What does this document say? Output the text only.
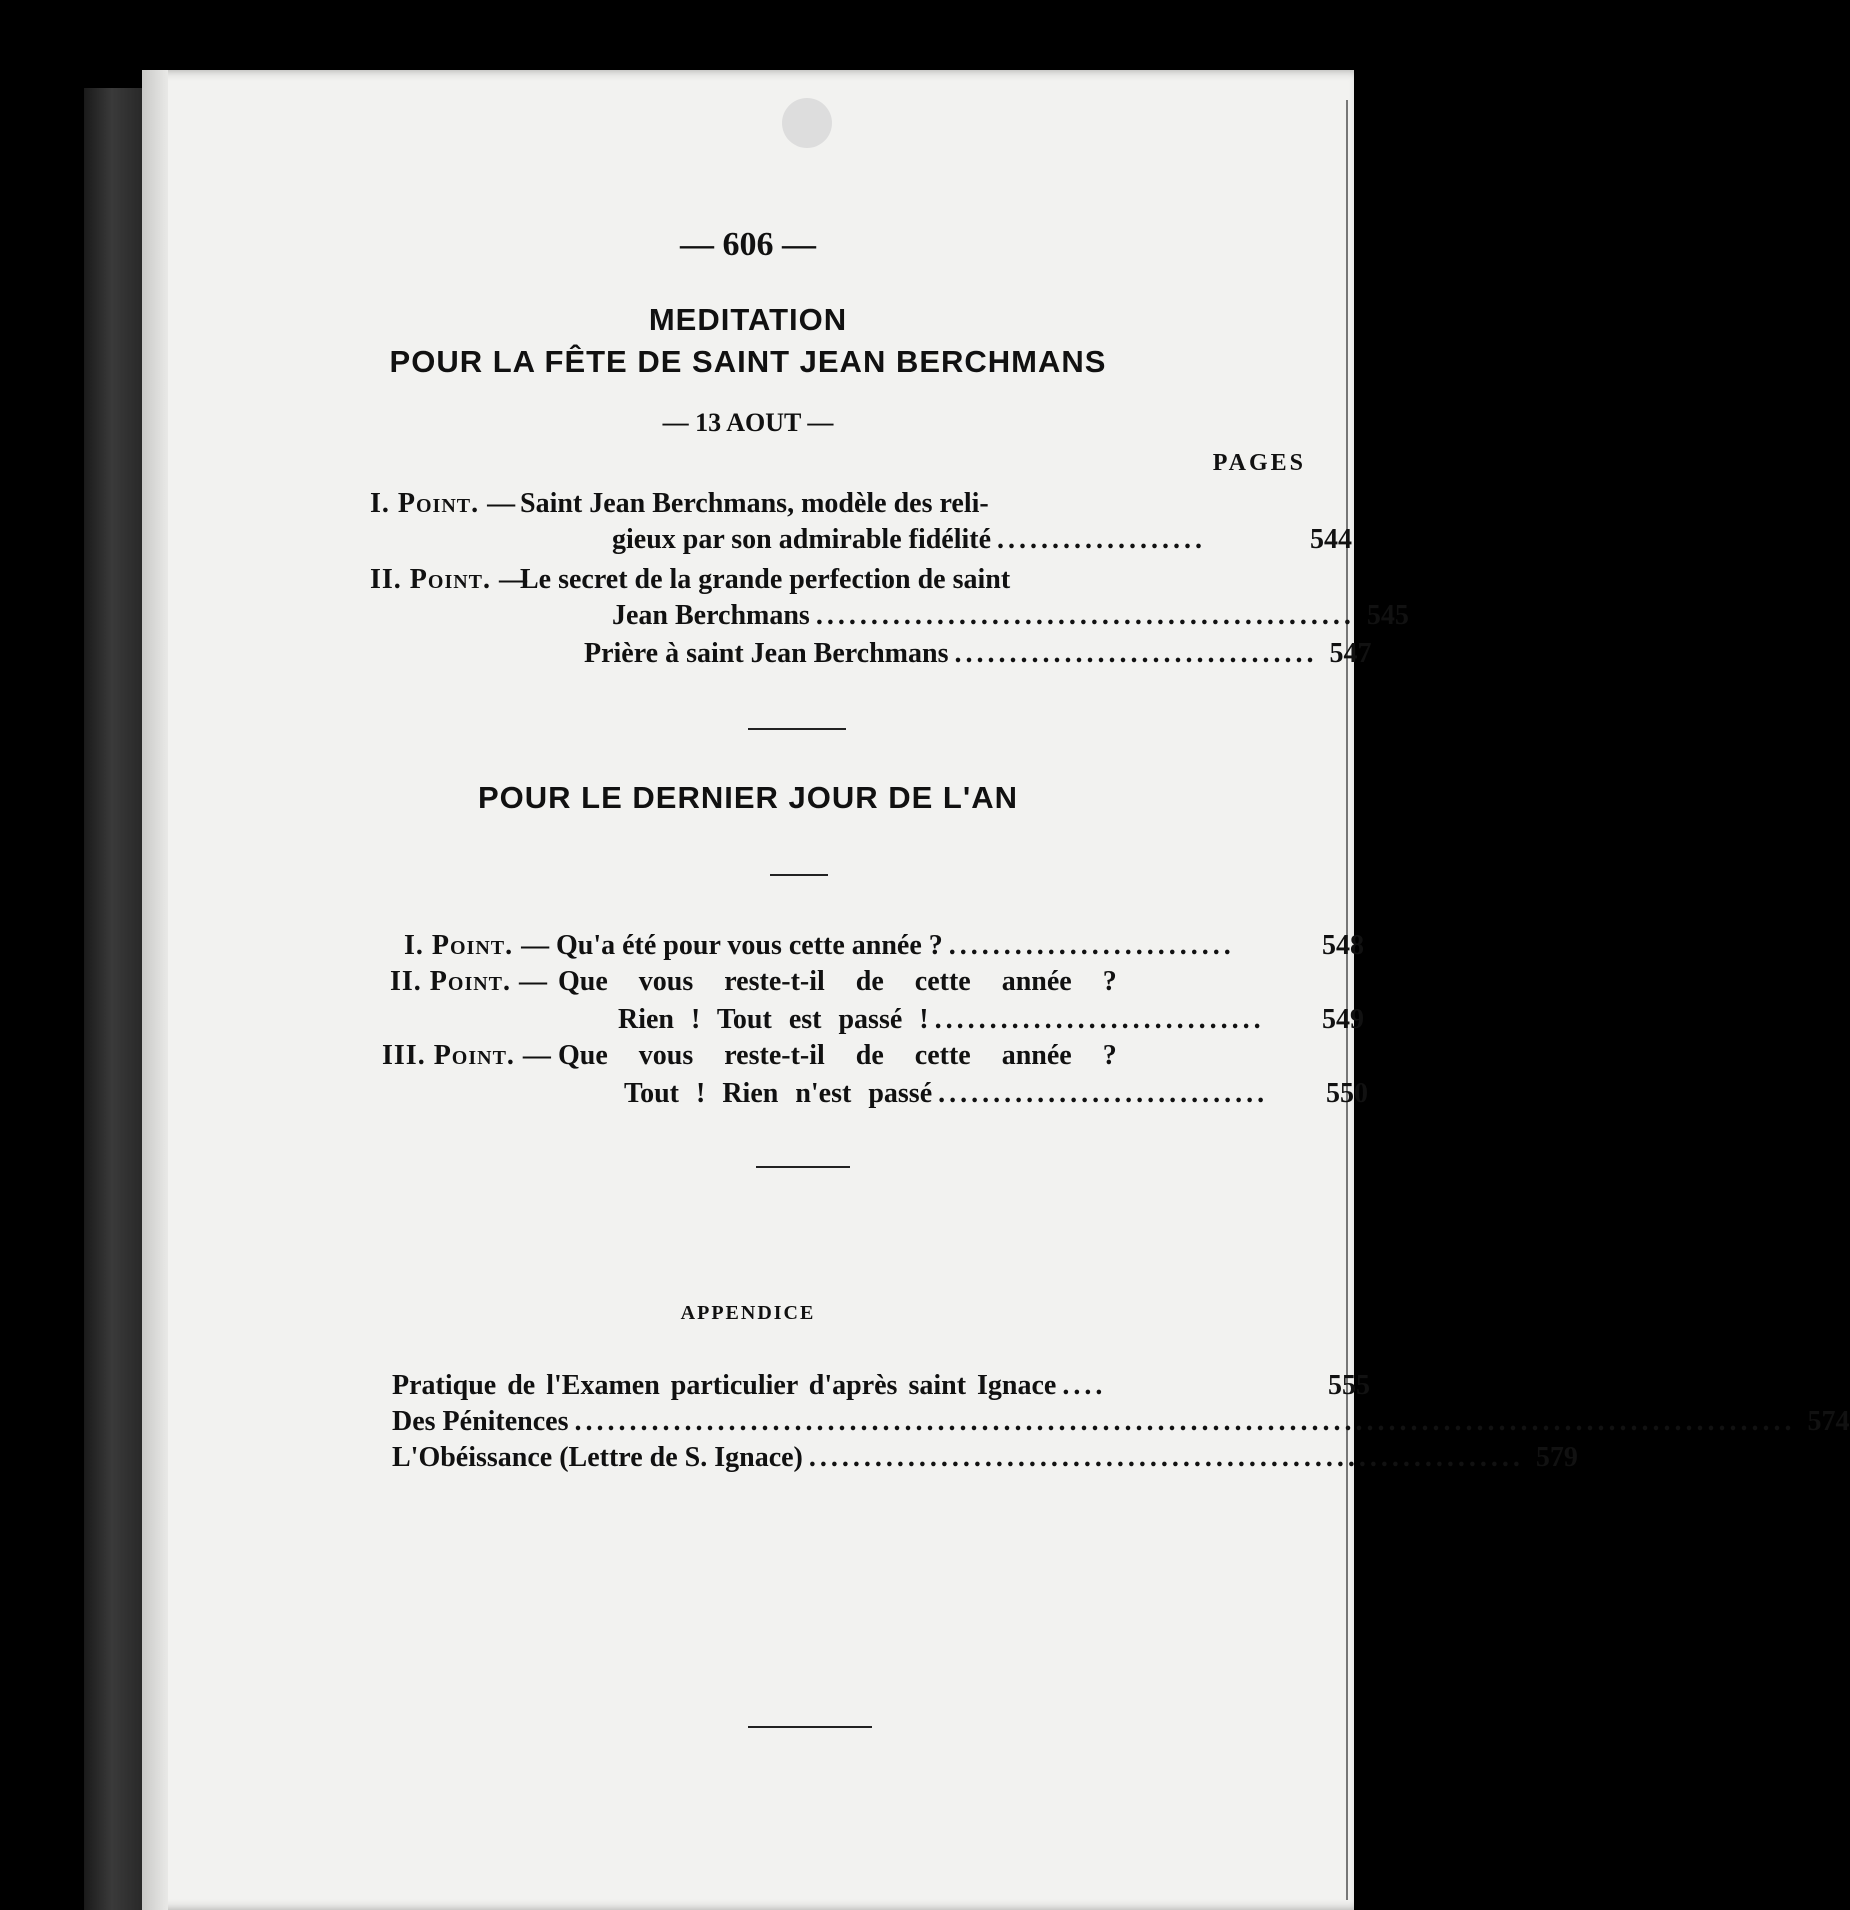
— 606 —
MEDITATION
POUR LA FÊTE DE SAINT JEAN BERCHMANS
— 13 AOUT —
PAGES
I. Point. — Saint Jean Berchmans, modèle des reli-
gieux par son admirable fidélité ...................	544
II. Point. —
Le secret de la grande perfection de saint
Jean Berchmans ................................................. 545
Prière à saint Jean Berchmans ................................. 547
POUR LE DERNIER JOUR DE L'AN
I. Point. — Qu'a été pour vous cette année ? ..........................	548
II. Point. — Que vous reste-t-il de cette année ?
Rien ! Tout est passé ! ..............................	549
III. Point. — Que vous reste-t-il de cette année ?
Tout ! Rien n'est passé ..............................	550
APPENDICE
Pratique de l'Examen particulier d'après saint Ignace ....	555
Des Pénitences ............................................................................................................... 574
L'Obéissance (Lettre de S. Ignace) ................................................................. 579
